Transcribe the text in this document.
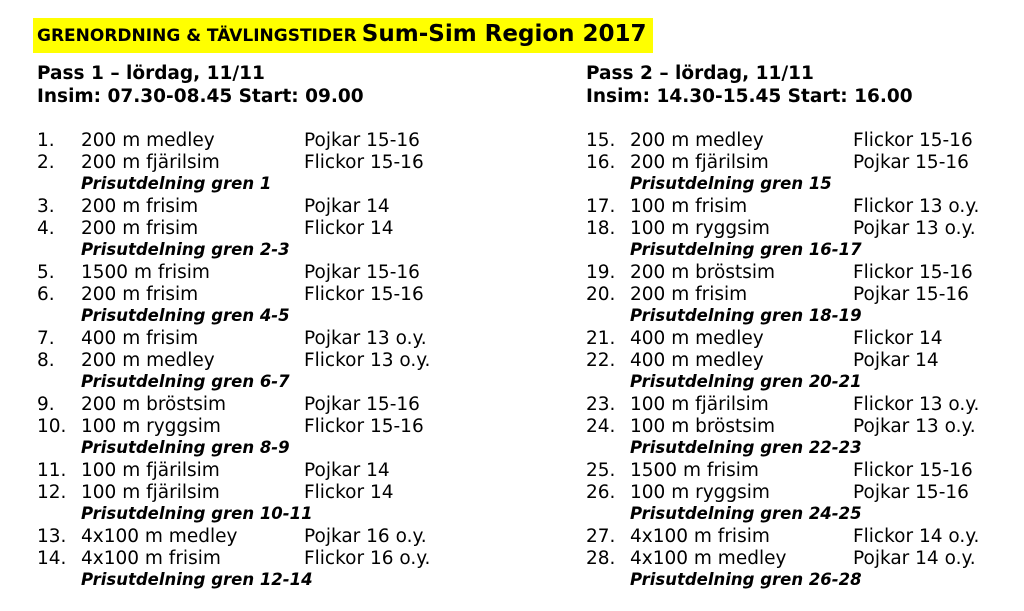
GRENORDNING & TÄVLINGSTIDER Sum-Sim Region 2017
Pass 1 – lördag, 11/11
Insim: 07.30-08.45 Start: 09.00
1. 200 m medley	Pojkar 15-16
2. 200 m fjärilsim	Flickor 15-16
Prisutdelning gren 1
3. 200 m frisim	Pojkar 14
4. 200 m frisim	Flickor 14
Prisutdelning gren 2-3
5. 1500 m frisim	Pojkar 15-16
6. 200 m frisim	Flickor 15-16
Prisutdelning gren 4-5
7. 400 m frisim	Pojkar 13 o.y.
8. 200 m medley	Flickor 13 o.y.
Prisutdelning gren 6-7
9. 200 m bröstsim	Pojkar 15-16
10. 100 m ryggsim	Flickor 15-16
Prisutdelning gren 8-9
11. 100 m fjärilsim	Pojkar 14
12. 100 m fjärilsim	Flickor 14
Prisutdelning gren 10-11
13. 4x100 m medley	Pojkar 16 o.y.
14. 4x100 m frisim	Flickor 16 o.y.
Prisutdelning gren 12-14
Pass 2 – lördag, 11/11
Insim: 14.30-15.45 Start: 16.00
15. 200 m medley	Flickor 15-16
16. 200 m fjärilsim	Pojkar 15-16
Prisutdelning gren 15
17. 100 m frisim	Flickor 13 o.y.
18. 100 m ryggsim	Pojkar 13 o.y.
Prisutdelning gren 16-17
19. 200 m bröstsim	Flickor 15-16
20. 200 m frisim	Pojkar 15-16
Prisutdelning gren 18-19
21. 400 m medley	Flickor 14
22. 400 m medley	Pojkar 14
Prisutdelning gren 20-21
23. 100 m fjärilsim	Flickor 13 o.y.
24. 100 m bröstsim	Pojkar 13 o.y.
Prisutdelning gren 22-23
25. 1500 m frisim	Flickor 15-16
26. 100 m ryggsim	Pojkar 15-16
Prisutdelning gren 24-25
27. 4x100 m frisim	Flickor 14 o.y.
28. 4x100 m medley	Pojkar 14 o.y.
Prisutdelning gren 26-28
